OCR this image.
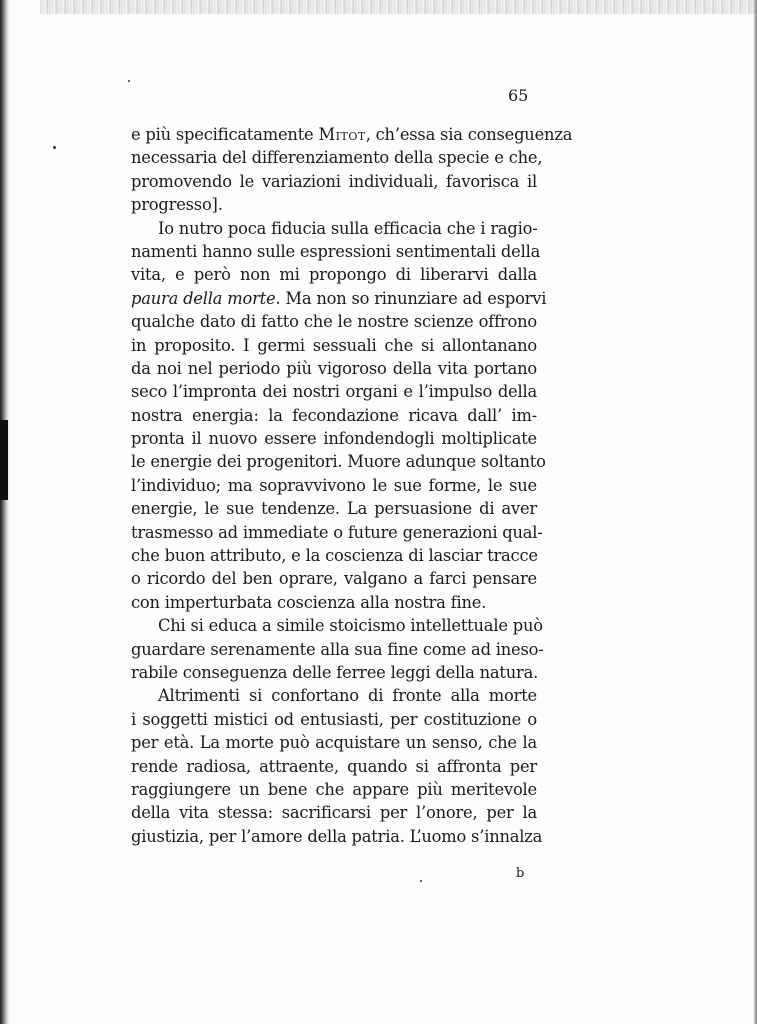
65
e più specificatamente Mitot, ch’essa sia conseguenza
necessaria del differenziamento della specie e che,
promovendo le variazioni individuali, favorisca il
progresso].
Io nutro poca fiducia sulla efficacia che i ragio-
namenti hanno sulle espressioni sentimentali della
vita, e però non mi propongo di liberarvi dalla
paura della morte. Ma non so rinunziare ad esporvi
qualche dato di fatto che le nostre scienze offrono
in proposito. I germi sessuali che si allontanano
da noi nel periodo più vigoroso della vita portano
seco l’impronta dei nostri organi e l’impulso della
nostra energia: la fecondazione ricava dall’ im-
pronta il nuovo essere infondendogli moltiplicate
le energie dei progenitori. Muore adunque soltanto
l’individuo; ma sopravvivono le sue forme, le sue
energie, le sue tendenze. La persuasione di aver
trasmesso ad immediate o future generazioni qual-
che buon attributo, e la coscienza di lasciar tracce
o ricordo del ben oprare, valgano a farci pensare
con imperturbata coscienza alla nostra fine.
Chi si educa a simile stoicismo intellettuale può
guardare serenamente alla sua fine come ad ineso-
rabile conseguenza delle ferree leggi della natura.
Altrimenti si confortano di fronte alla morte
i soggetti mistici od entusiasti, per costituzione o
per età. La morte può acquistare un senso, che la
rende radiosa, attraente, quando si affronta per
raggiungere un bene che appare più meritevole
della vita stessa: sacrificarsi per l’onore, per la
giustizia, per l’amore della patria. L’uomo s’innalza
b
